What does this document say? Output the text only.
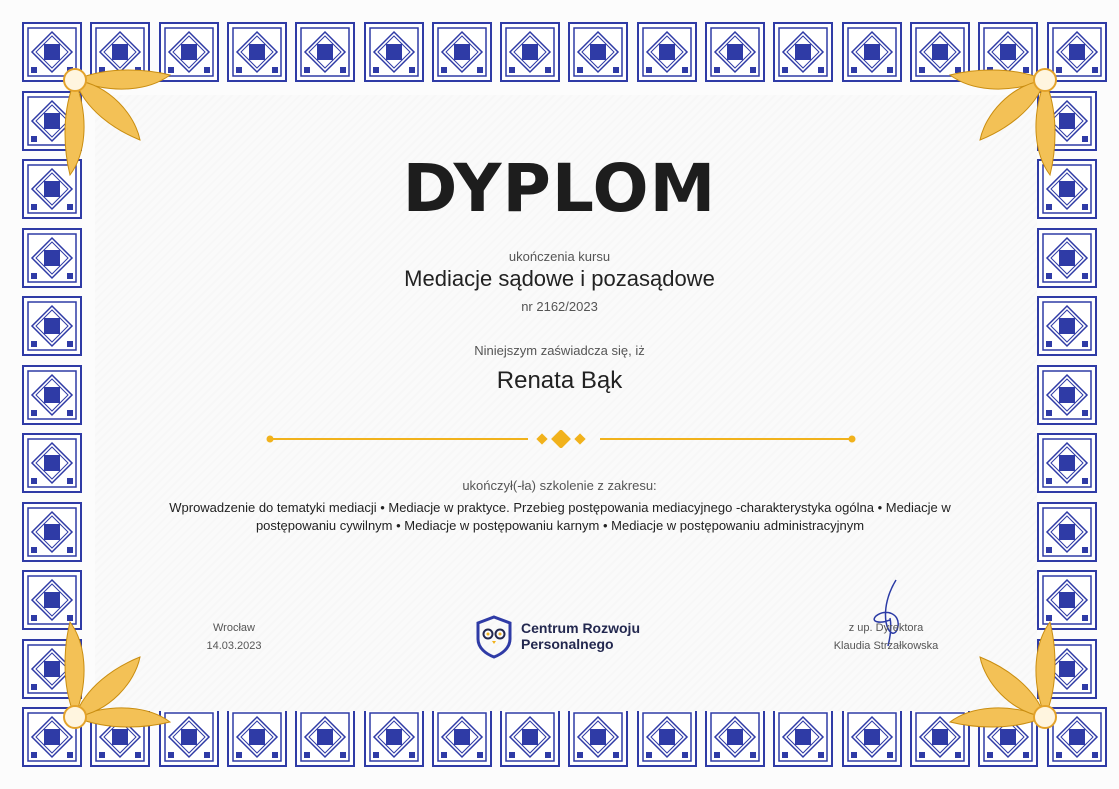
DYPLOM
ukończenia kursu
Mediacje sądowe i pozasądowe
nr 2162/2023
Niniejszym zaświadcza się, iż
Renata Bąk
ukończył(-ła) szkolenie z zakresu:
Wprowadzenie do tematyki mediacji • Mediacje w praktyce. Przebieg postępowania mediacyjnego -charakterystyka ogólna • Mediacje w postępowaniu cywilnym • Mediacje w postępowaniu karnym • Mediacje w postępowaniu administracyjnym
Wrocław
14.03.2023
Centrum Rozwoju
Personalnego
z up. Dyrektora
Klaudia Strzałkowska
